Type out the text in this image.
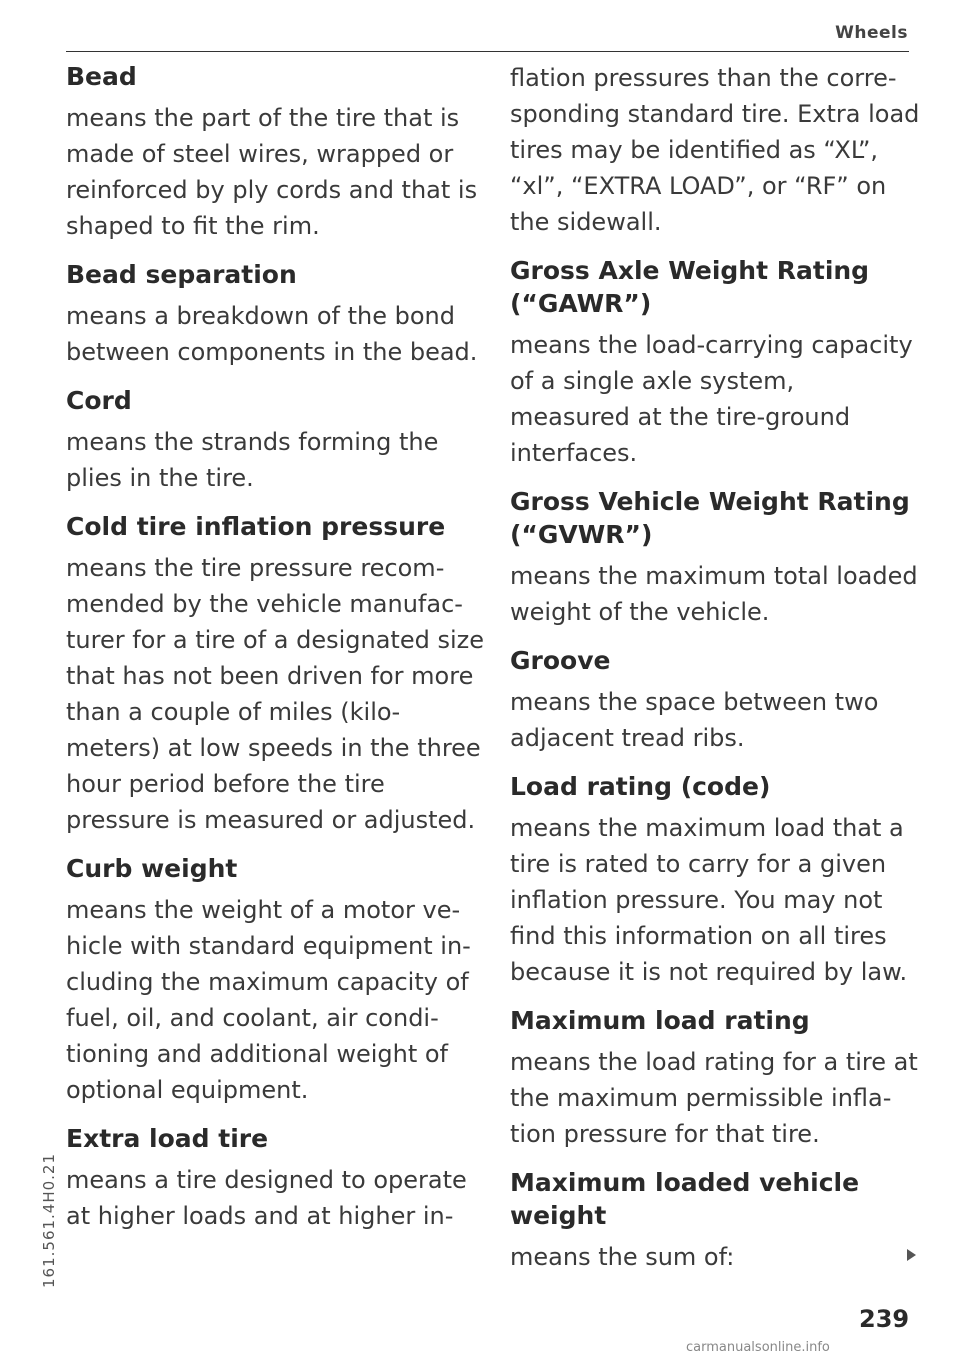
Wheels

Bead

means the part of the tire that is made of steel wires, wrapped or reinforced by ply cords and that is shaped to fit the rim.

Bead separation

means a breakdown of the bond between components in the bead.

Cord

means the strands forming the plies in the tire.

Cold tire inflation pressure

means the tire pressure recommended by the vehicle manufacturer for a tire of a designated size that has not been driven for more than a couple of miles (kilometers) at low speeds in the three hour period before the tire pressure is measured or adjusted.

Curb weight

means the weight of a motor vehicle with standard equipment including the maximum capacity of fuel, oil, and coolant, air conditioning and additional weight of optional equipment.

Extra load tire

means a tire designed to operate at higher loads and at higher in-

flation pressures than the corresponding standard tire. Extra load tires may be identified as “XL”, “xl”, “EXTRA LOAD”, or “RF” on the sidewall.

Gross Axle Weight Rating (“GAWR”)

means the load-carrying capacity of a single axle system, measured at the tire-ground interfaces.

Gross Vehicle Weight Rating (“GVWR”)

means the maximum total loaded weight of the vehicle.

Groove

means the space between two adjacent tread ribs.

Load rating (code)

means the maximum load that a tire is rated to carry for a given inflation pressure. You may not find this information on all tires because it is not required by law.

Maximum load rating

means the load rating for a tire at the maximum permissible inflation pressure for that tire.

Maximum loaded vehicle weight

means the sum of:

239
161.561.4H0.21
carmanualsonline.info
